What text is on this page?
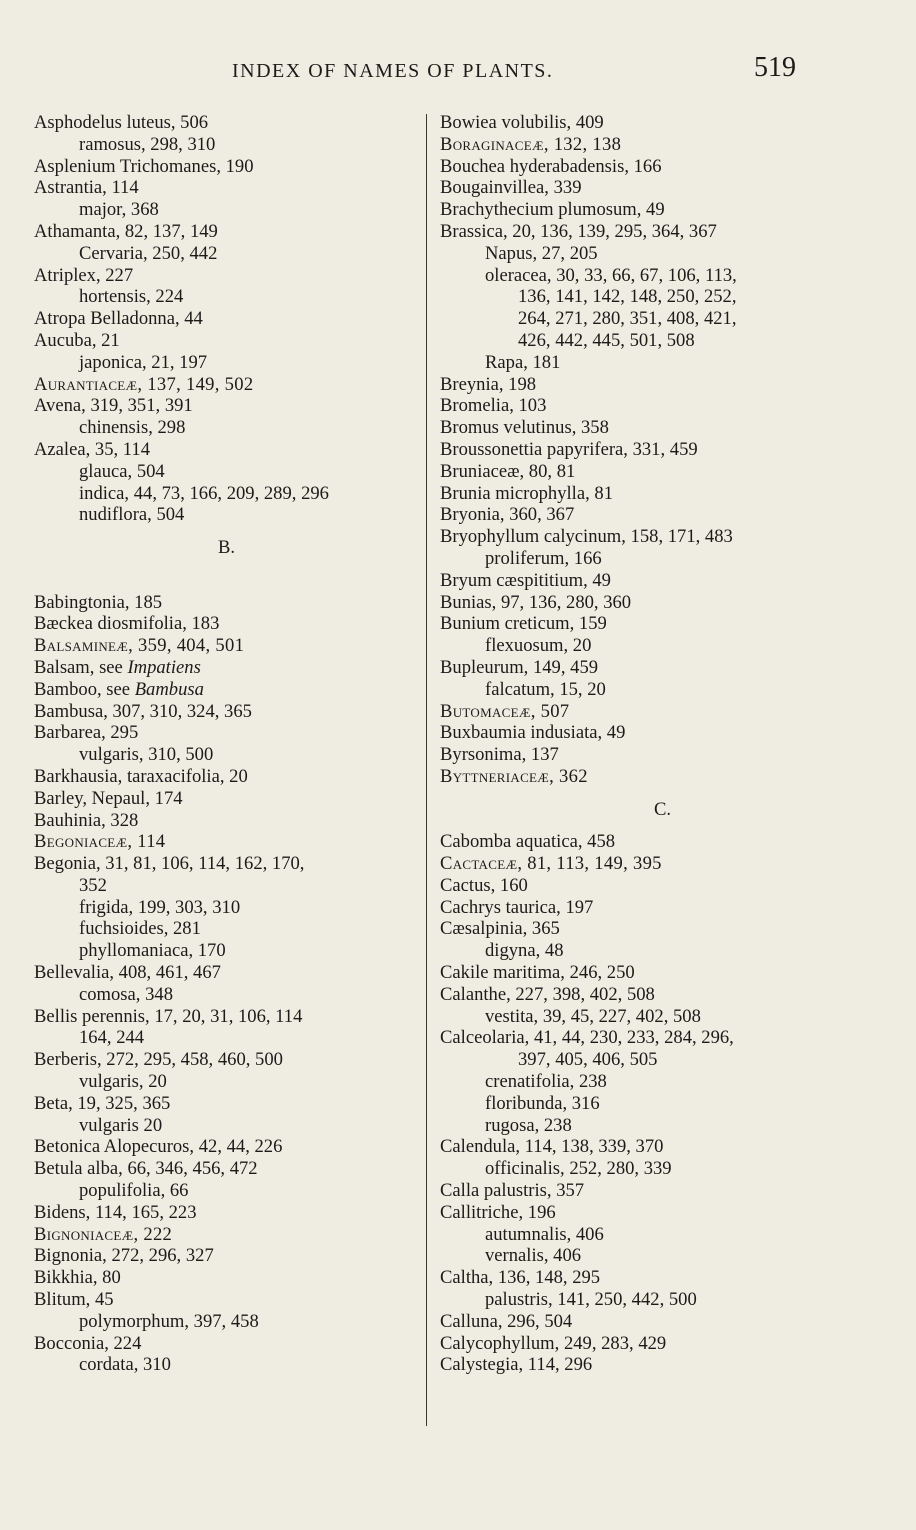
INDEX OF NAMES OF PLANTS.	519
Asphodelus luteus, 506
ramosus, 298, 310
Asplenium Trichomanes, 190
Astrantia, 114
major, 368
Athamanta, 82, 137, 149
Cervaria, 250, 442
Atriplex, 227
hortensis, 224
Atropa Belladonna, 44
Aucuba, 21
japonica, 21, 197
Aurantiaceæ, 137, 149, 502
Avena, 319, 351, 391
chinensis, 298
Azalea, 35, 114
glauca, 504
indica, 44, 73, 166, 209, 289, 296
nudiflora, 504
B.
Babingtonia, 185
Bæckea diosmifolia, 183
Balsamineæ, 359, 404, 501
Balsam, see Impatiens
Bamboo, see Bambusa
Bambusa, 307, 310, 324, 365
Barbarea, 295
vulgaris, 310, 500
Barkhausia, taraxacifolia, 20
Barley, Nepaul, 174
Bauhinia, 328
Begoniaceæ, 114
Begonia, 31, 81, 106, 114, 162, 170,
352
frigida, 199, 303, 310
fuchsioides, 281
phyllomaniaca, 170
Bellevalia, 408, 461, 467
comosa, 348
Bellis perennis, 17, 20, 31, 106, 114
164, 244
Berberis, 272, 295, 458, 460, 500
vulgaris, 20
Beta, 19, 325, 365
vulgaris 20
Betonica Alopecuros, 42, 44, 226
Betula alba, 66, 346, 456, 472
populifolia, 66
Bidens, 114, 165, 223
Bignoniaceæ, 222
Bignonia, 272, 296, 327
Bikkhia, 80
Blitum, 45
polymorphum, 397, 458
Bocconia, 224
cordata, 310
Bowiea volubilis, 409
Boraginaceæ, 132, 138
Bouchea hyderabadensis, 166
Bougainvillea, 339
Brachythecium plumosum, 49
Brassica, 20, 136, 139, 295, 364, 367
Napus, 27, 205
oleracea, 30, 33, 66, 67, 106, 113,
136, 141, 142, 148, 250, 252,
264, 271, 280, 351, 408, 421,
426, 442, 445, 501, 508
Rapa, 181
Breynia, 198
Bromelia, 103
Bromus velutinus, 358
Broussonettia papyrifera, 331, 459
Bruniaceæ, 80, 81
Brunia microphylla, 81
Bryonia, 360, 367
Bryophyllum calycinum, 158, 171, 483
proliferum, 166
Bryum cæspititium, 49
Bunias, 97, 136, 280, 360
Bunium creticum, 159
flexuosum, 20
Bupleurum, 149, 459
falcatum, 15, 20
Butomaceæ, 507
Buxbaumia indusiata, 49
Byrsonima, 137
Byttneriaceæ, 362
C.
Cabomba aquatica, 458
Cactaceæ, 81, 113, 149, 395
Cactus, 160
Cachrys taurica, 197
Cæsalpinia, 365
digyna, 48
Cakile maritima, 246, 250
Calanthe, 227, 398, 402, 508
vestita, 39, 45, 227, 402, 508
Calceolaria, 41, 44, 230, 233, 284, 296,
397, 405, 406, 505
crenatifolia, 238
floribunda, 316
rugosa, 238
Calendula, 114, 138, 339, 370
officinalis, 252, 280, 339
Calla palustris, 357
Callitriche, 196
autumnalis, 406
vernalis, 406
Caltha, 136, 148, 295
palustris, 141, 250, 442, 500
Calluna, 296, 504
Calycophyllum, 249, 283, 429
Calystegia, 114, 296
